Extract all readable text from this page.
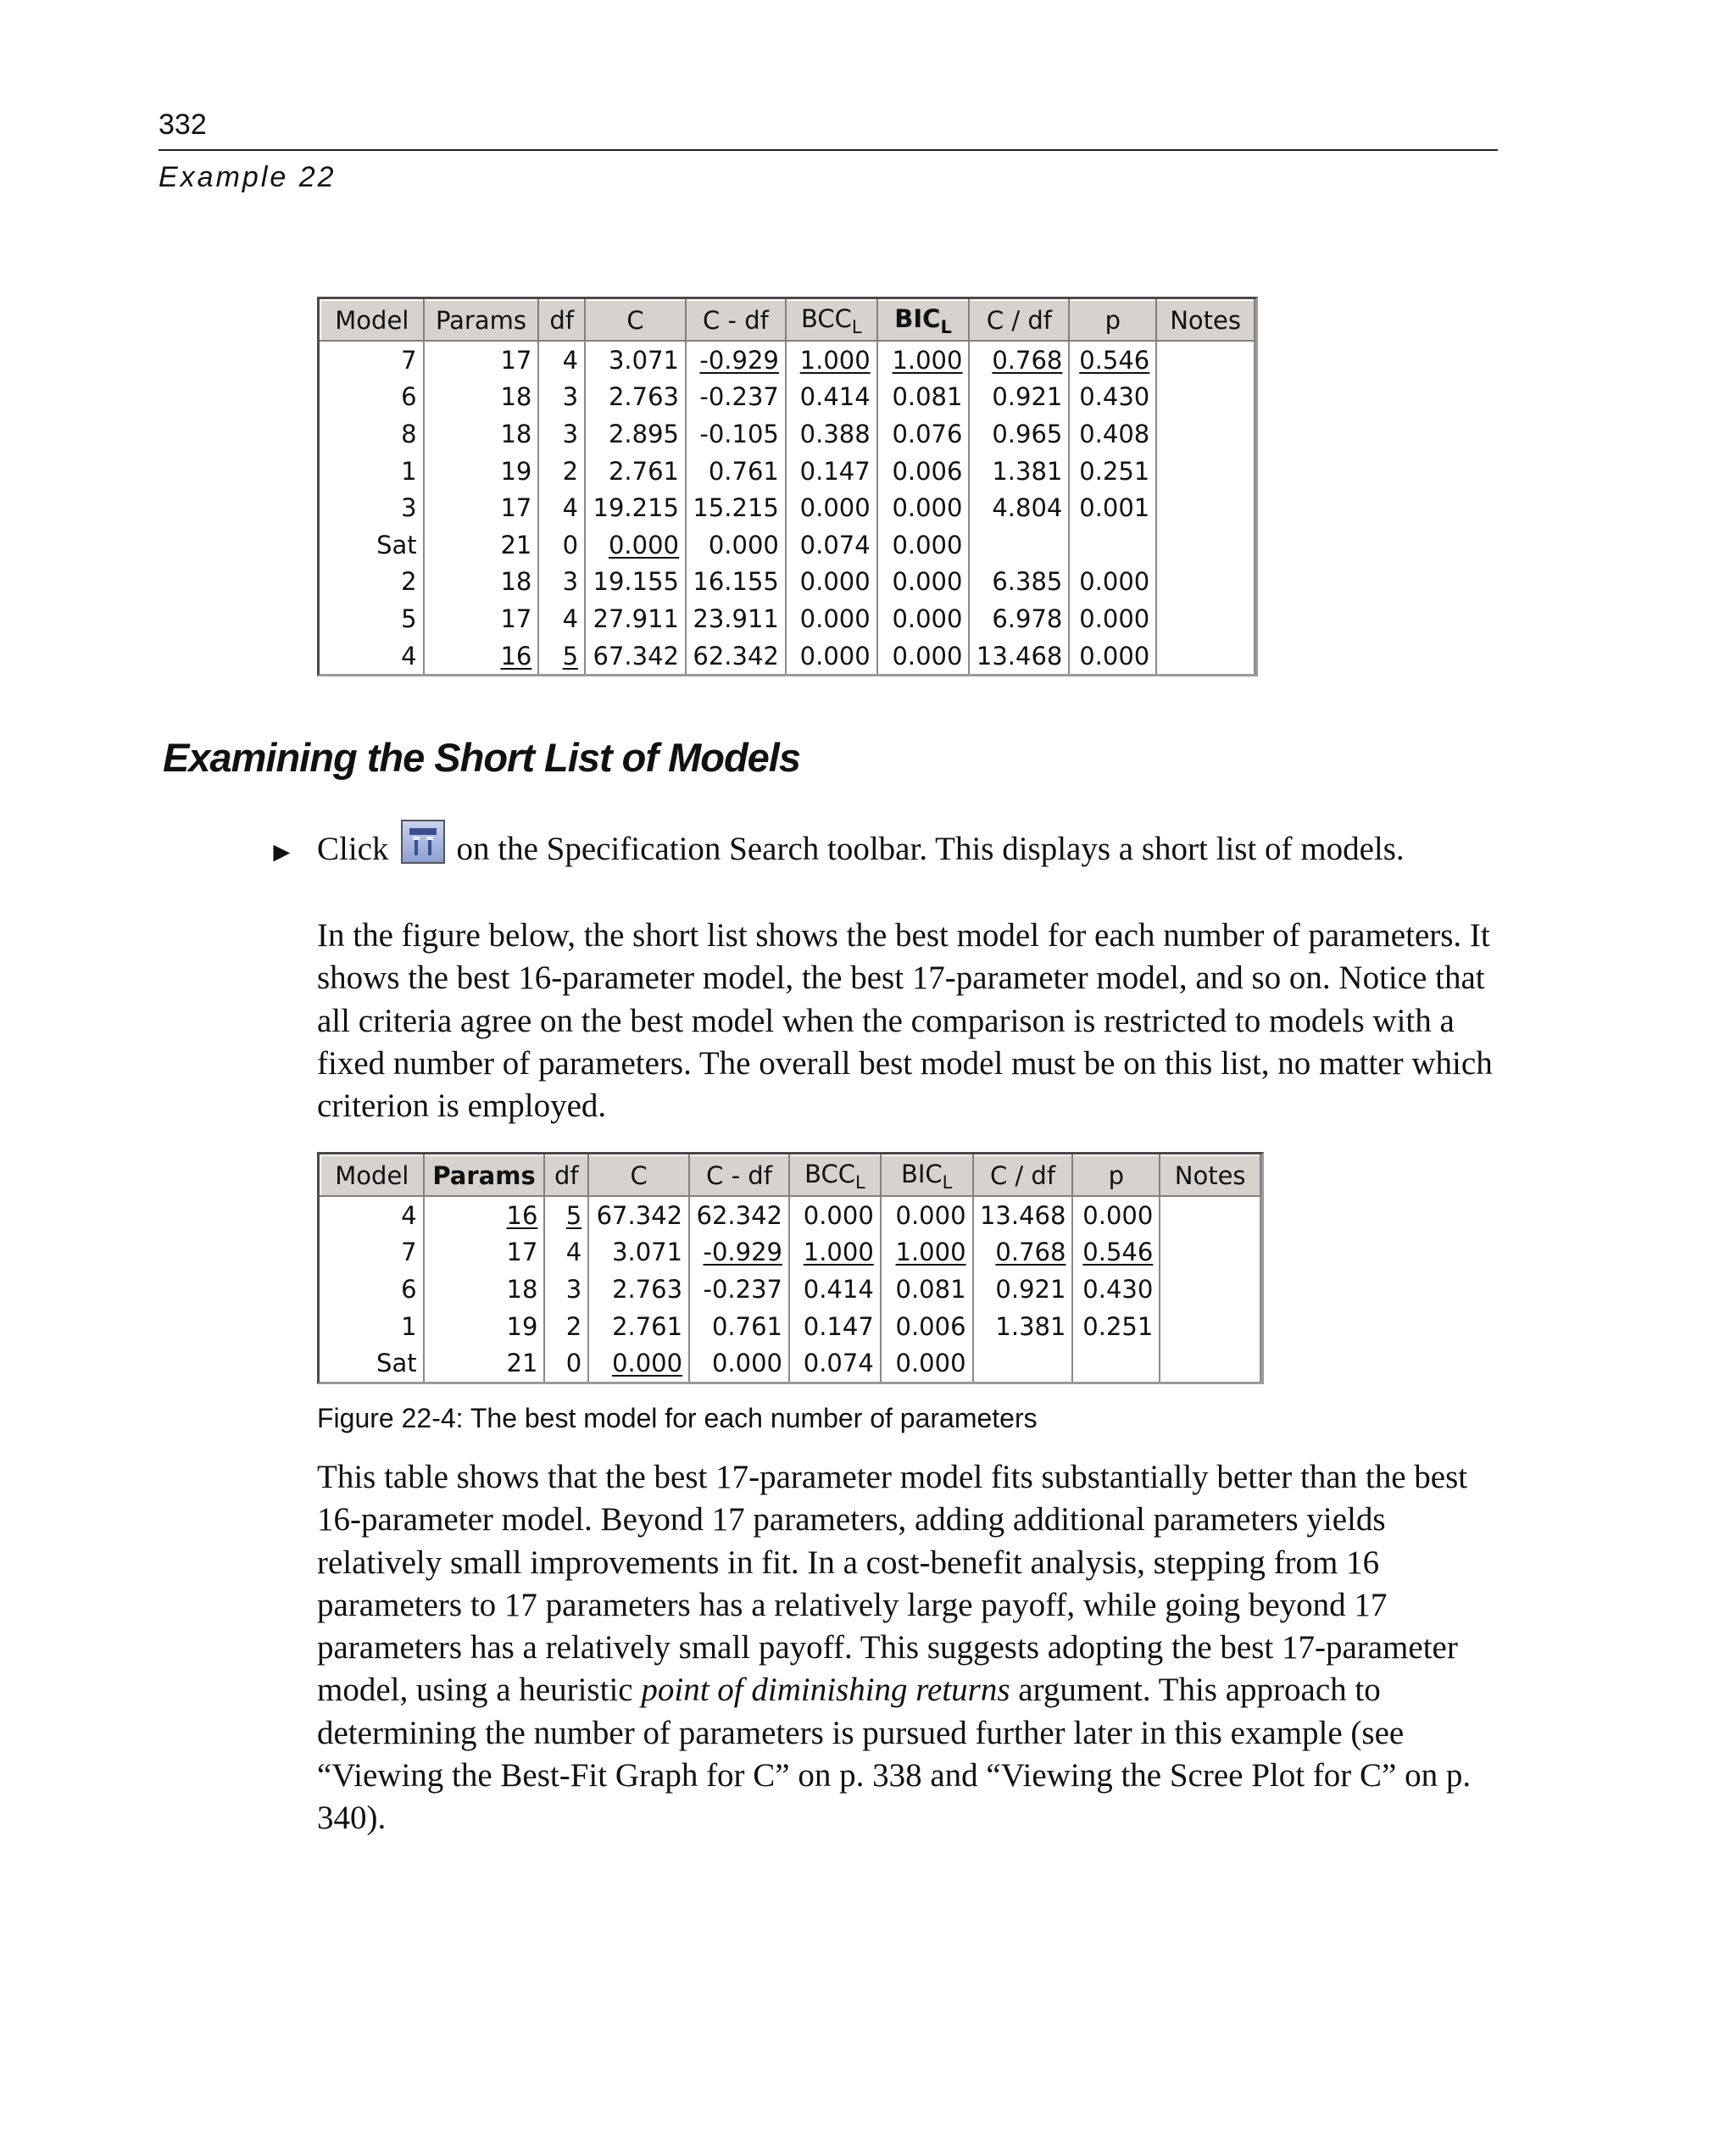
332
Example 22
Model	Params	df	C	C - df	$BCC_L$	$BIC_L$	C / df	p	Notes
7	17	4	3.071	-0.929	1.000	1.000	0.768	0.546	
6	18	3	2.763	-0.237	0.414	0.081	0.921	0.430	
8	18	3	2.895	-0.105	0.388	0.076	0.965	0.408	
1	19	2	2.761	0.761	0.147	0.006	1.381	0.251	
3	17	4	19.215	15.215	0.000	0.000	4.804	0.001	
Sat	21	0	0.000	0.000	0.074	0.000			
2	18	3	19.155	16.155	0.000	0.000	6.385	0.000	
5	17	4	27.911	23.911	0.000	0.000	6.978	0.000	
4	16	5	67.342	62.342	0.000	0.000	13.468	0.000	
Examining the Short List of Models
► Click on the Specification Search toolbar. This displays a short list of models.

In the figure below, the short list shows the best model for each number of parameters. It shows the best 16-parameter model, the best 17-parameter model, and so on. Notice that all criteria agree on the best model when the comparison is restricted to models with a fixed number of parameters. The overall best model must be on this list, no matter which criterion is employed.

Model	Params	df	C	C - df	$BCC_L$	$BIC_L$	C / df	p	Notes
4	16	5	67.342	62.342	0.000	0.000	13.468	0.000	
7	17	4	3.071	-0.929	1.000	1.000	0.768	0.546	
6	18	3	2.763	-0.237	0.414	0.081	0.921	0.430	
1	19	2	2.761	0.761	0.147	0.006	1.381	0.251	
Sat	21	0	0.000	0.000	0.074	0.000			

Figure 22-4: The best model for each number of parameters

This table shows that the best 17-parameter model fits substantially better than the best 16-parameter model. Beyond 17 parameters, adding additional parameters yields relatively small improvements in fit. In a cost-benefit analysis, stepping from 16 parameters to 17 parameters has a relatively large payoff, while going beyond 17 parameters has a relatively small payoff. This suggests adopting the best 17-parameter model, using a heuristic point of diminishing returns argument. This approach to determining the number of parameters is pursued further later in this example (see “Viewing the Best-Fit Graph for C” on p. 338 and “Viewing the Scree Plot for C” on p. 340).
